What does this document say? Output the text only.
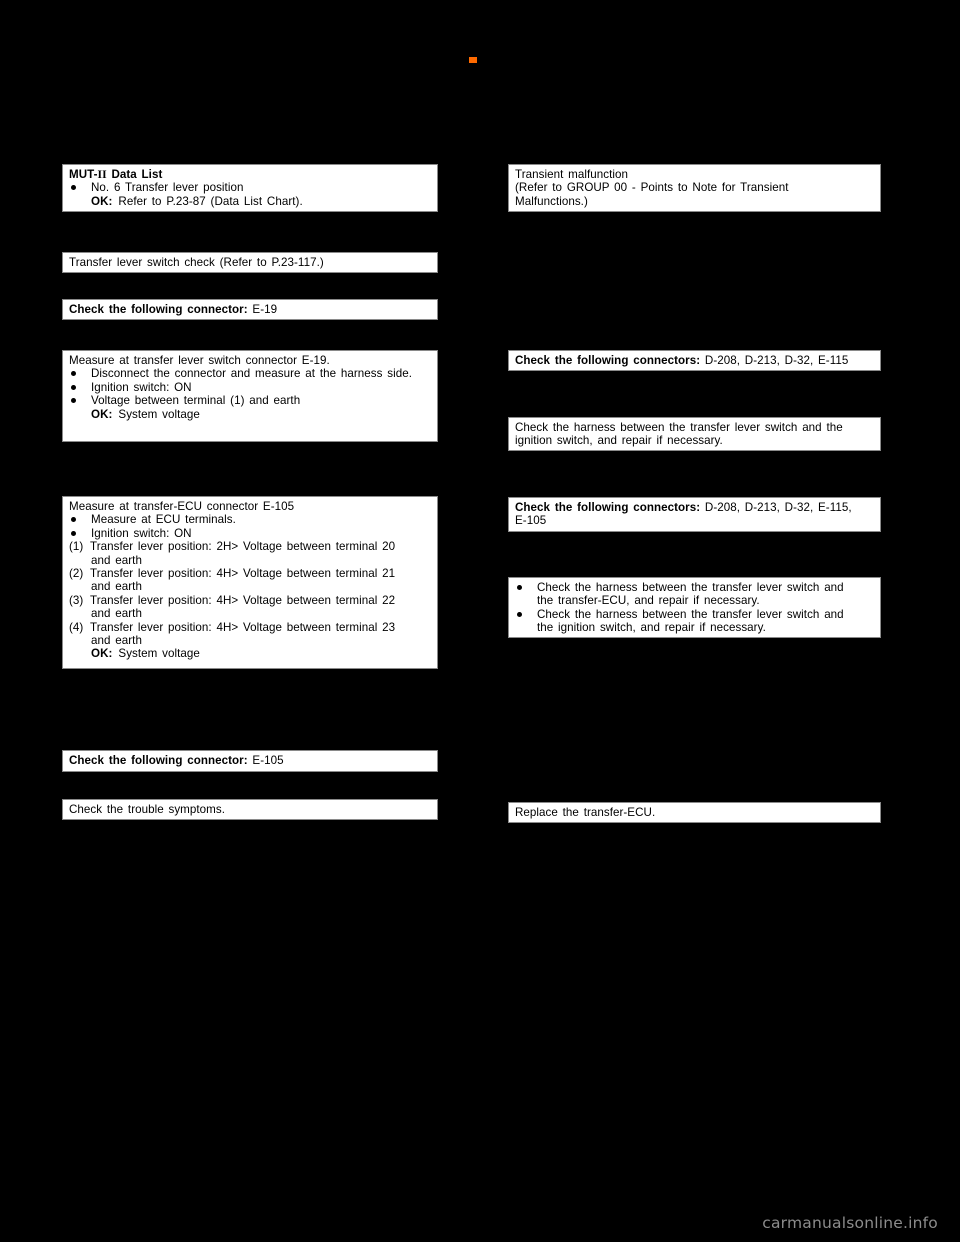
MUT-II Data List
No. 6 Transfer lever position
OK: Refer to P.23-87 (Data List Chart).
Transfer lever switch check (Refer to P.23-117.)
Check the following connector: E-19
Measure at transfer lever switch connector E-19.
Disconnect the connector and measure at the harness side.
Ignition switch: ON
Voltage between terminal (1) and earth
OK: System voltage
Measure at transfer-ECU connector E-105
Measure at ECU terminals.
Ignition switch: ON
(1) Transfer lever position: 2H> Voltage between terminal 20
and earth
(2) Transfer lever position: 4H> Voltage between terminal 21
and earth
(3) Transfer lever position: 4H> Voltage between terminal 22
and earth
(4) Transfer lever position: 4H> Voltage between terminal 23
and earth
OK: System voltage
Check the following connector: E-105
Check the trouble symptoms.
Transient malfunction
(Refer to GROUP 00 - Points to Note for Transient
Malfunctions.)
Check the following connectors: D-208, D-213, D-32, E-115
Check the harness between the transfer lever switch and the
ignition switch, and repair if necessary.
Check the following connectors: D-208, D-213, D-32, E-115,
E-105
Check the harness between the transfer lever switch and
the transfer-ECU, and repair if necessary.
Check the harness between the transfer lever switch and
the ignition switch, and repair if necessary.
Replace the transfer-ECU.
carmanualsonline.info
